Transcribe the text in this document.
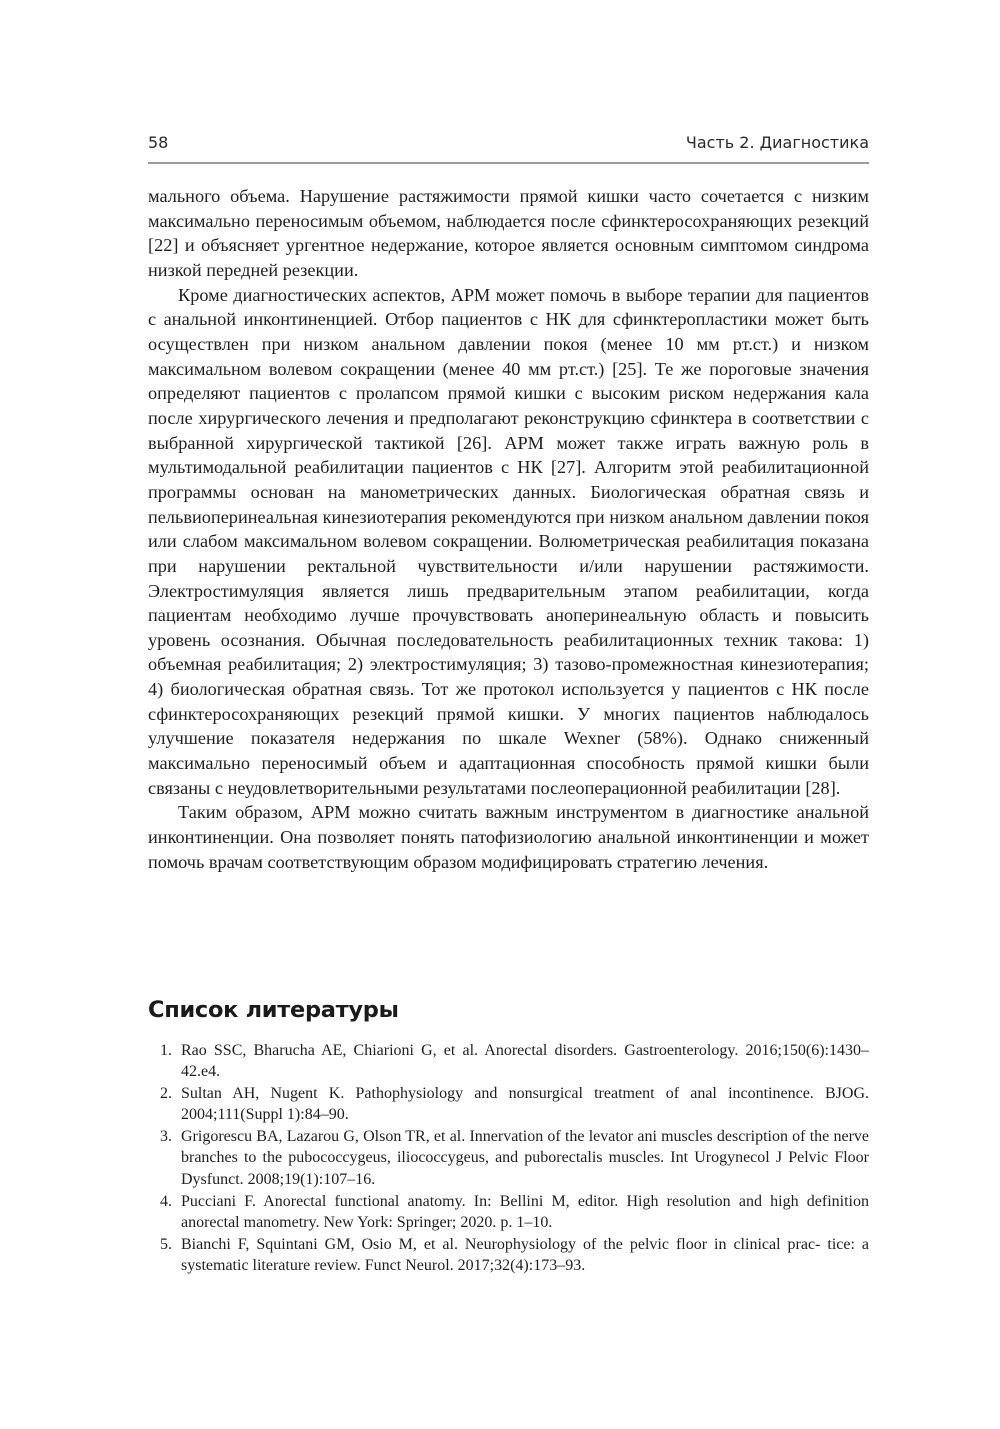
58	Часть 2. Диагностика

мального объема. Нарушение растяжимости прямой кишки часто сочетается с низким максимально переносимым объемом, наблюдается после сфинктеросохраняющих резекций [22] и объясняет ургентное недержание, которое является основным симптомом синдрома низкой передней резекции.

Кроме диагностических аспектов, АРМ может помочь в выборе терапии для пациентов с анальной инконтиненцией. Отбор пациентов с НК для сфинктеропластики может быть осуществлен при низком анальном давлении покоя (менее 10 мм рт.ст.) и низком максимальном волевом сокращении (менее 40 мм рт.ст.) [25]. Те же пороговые значения определяют пациентов с пролапсом прямой кишки с высоким риском недержания кала после хирургического лечения и предполагают реконструкцию сфинктера в соответствии с выбранной хирургической тактикой [26]. АРМ может также играть важную роль в мультимодальной реабилитации пациентов с НК [27]. Алгоритм этой реабилитационной программы основан на манометрических данных. Биологическая обратная связь и пельвиоперинеальная кинезиотерапия рекомендуются при низком анальном давлении покоя или слабом максимальном волевом сокращении. Волюметрическая реабилитация показана при нарушении ректальной чувствительности и/или нарушении растяжимости. Электростимуляция является лишь предварительным этапом реабилитации, когда пациентам необходимо лучше прочувствовать аноперинеальную область и повысить уровень осознания. Обычная последовательность реабилитационных техник такова: 1) объемная реабилитация; 2) электростимуляция; 3) тазово-промежностная кинезиотерапия; 4) биологическая обратная связь. Тот же протокол используется у пациентов с НК после сфинктеросохраняющих резекций прямой кишки. У многих пациентов наблюдалось улучшение показателя недержания по шкале Wexner (58%). Однако сниженный максимально переносимый объем и адаптационная способность прямой кишки были связаны с неудовлетворительными результатами послеоперационной реабилитации [28].

Таким образом, АРМ можно считать важным инструментом в диагностике анальной инконтиненции. Она позволяет понять патофизиологию анальной инконтиненции и может помочь врачам соответствующим образом модифицировать стратегию лечения.

Список литературы
1. Rao SSC, Bharucha AE, Chiarioni G, et al. Anorectal disorders. Gastroenterology. 2016;150(6):1430–42.e4.
2. Sultan AH, Nugent K. Pathophysiology and nonsurgical treatment of anal incontinence. BJOG. 2004;111(Suppl 1):84–90.
3. Grigorescu BA, Lazarou G, Olson TR, et al. Innervation of the levator ani muscles description of the nerve branches to the pubococcygeus, iliococcygeus, and puborectalis muscles. Int Urogynecol J Pelvic Floor Dysfunct. 2008;19(1):107–16.
4. Pucciani F. Anorectal functional anatomy. In: Bellini M, editor. High resolution and high definition anorectal manometry. New York: Springer; 2020. p. 1–10.
5. Bianchi F, Squintani GM, Osio M, et al. Neurophysiology of the pelvic floor in clinical prac- tice: a systematic literature review. Funct Neurol. 2017;32(4):173–93.
